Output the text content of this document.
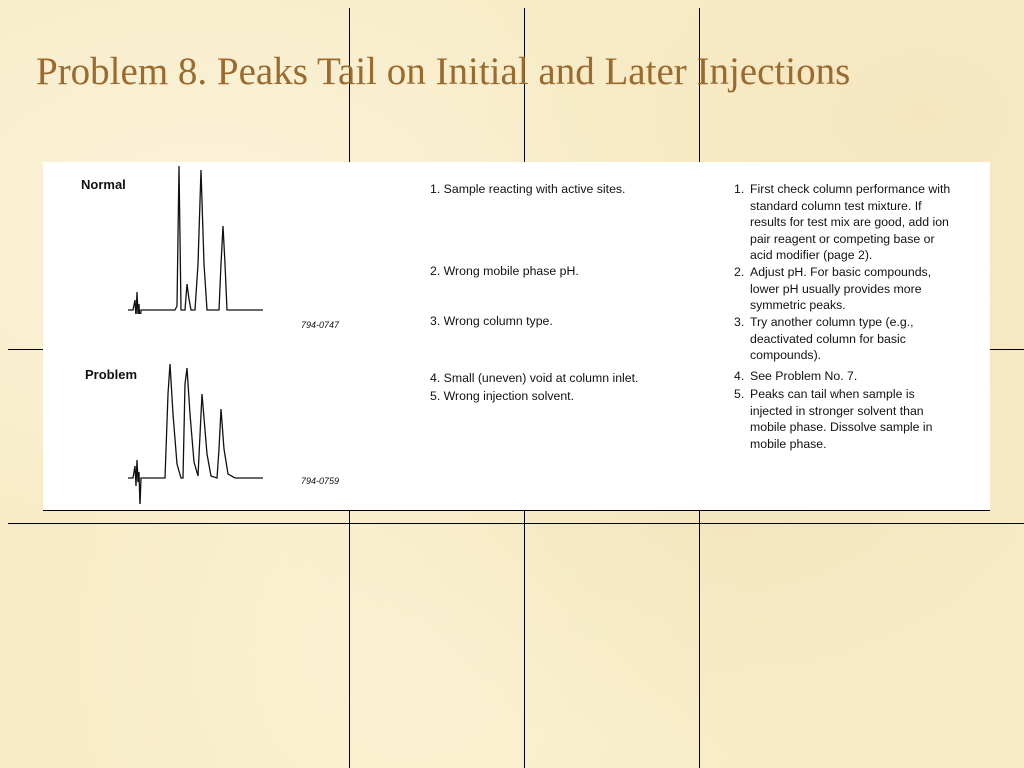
Problem 8. Peaks Tail on Initial and Later Injections
Normal
794-0747
Problem
794-0759
1. Sample reacting with active sites.
2. Wrong mobile phase pH.
3. Wrong column type.
4. Small (uneven) void at column inlet.
5. Wrong injection solvent.
1. First check column performance with
standard column test mixture. If
results for test mix are good, add ion
pair reagent or competing base or
acid modifier (page 2).
2. Adjust pH. For basic compounds,
lower pH usually provides more
symmetric peaks.
3. Try another column type (e.g.,
deactivated column for basic
compounds).
4. See Problem No. 7.
5. Peaks can tail when sample is
injected in stronger solvent than
mobile phase. Dissolve sample in
mobile phase.
